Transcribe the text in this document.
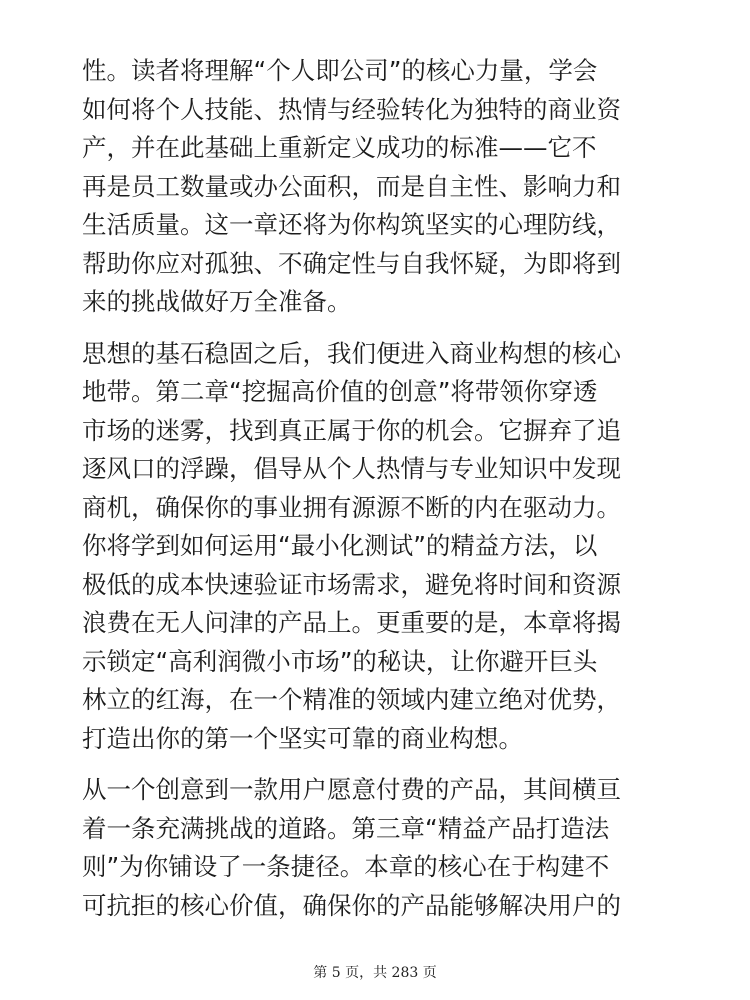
性。读者将理解“个人即公司”的核心力量，学会
如何将个人技能、热情与经验转化为独特的商业资
产，并在此基础上重新定义成功的标准——它不
再是员工数量或办公面积，而是自主性、影响力和
生活质量。这一章还将为你构筑坚实的心理防线，
帮助你应对孤独、不确定性与自我怀疑，为即将到
来的挑战做好万全准备。
思想的基石稳固之后，我们便进入商业构想的核心
地带。第二章“挖掘高价值的创意”将带领你穿透
市场的迷雾，找到真正属于你的机会。它摒弃了追
逐风口的浮躁，倡导从个人热情与专业知识中发现
商机，确保你的事业拥有源源不断的内在驱动力。
你将学到如何运用“最小化测试”的精益方法，以
极低的成本快速验证市场需求，避免将时间和资源
浪费在无人问津的产品上。更重要的是，本章将揭
示锁定“高利润微小市场”的秘诀，让你避开巨头
林立的红海，在一个精准的领域内建立绝对优势，
打造出你的第一个坚实可靠的商业构想。
从一个创意到一款用户愿意付费的产品，其间横亘
着一条充满挑战的道路。第三章“精益产品打造法
则”为你铺设了一条捷径。本章的核心在于构建不
可抗拒的核心价值，确保你的产品能够解决用户的
第 5 页，共 283 页
